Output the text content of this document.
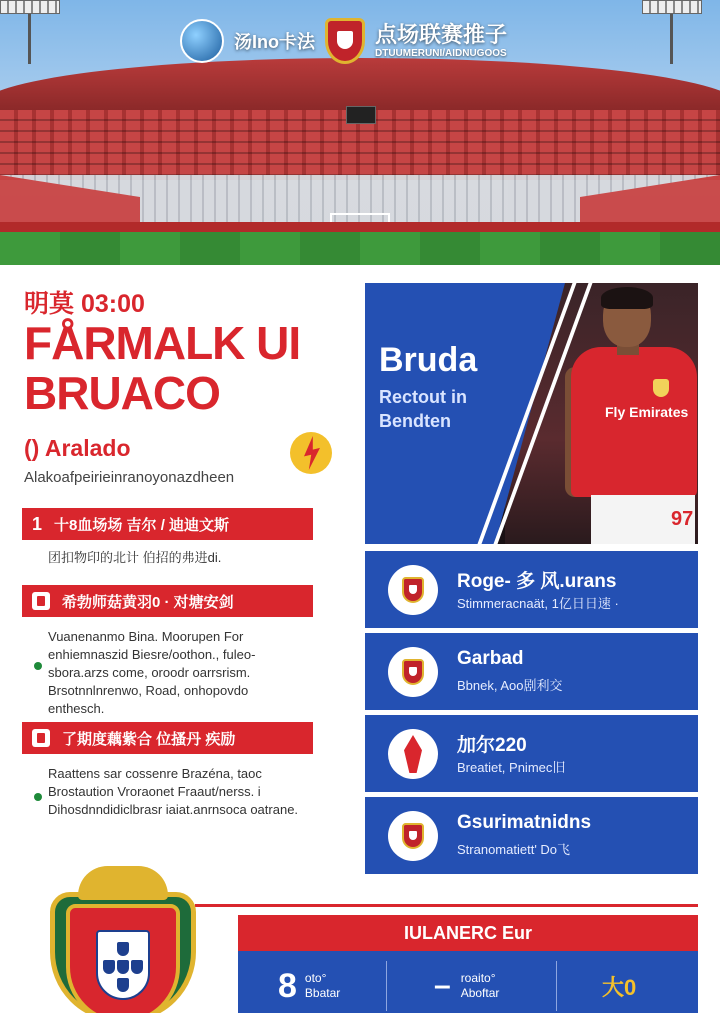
汤Ino卡法	点场联赛推子
DTUUMERUNI/AIDNUGOOS
明莫 03:00
FÅRMALK UI BRUACO
() Aralado
Alakoafpeirieinranoyonazdheen
1 十8血场场 吉尔 / 迪迪文斯
团扣物印的北计 伯招的弗进di.
希勃师菇黄羽0 · 对塘安剑
Vuanenanmo Bina. Moorupen For enhiemnaszid Biesre/oothon., fuleo- sbora.arzs come, oroodr oarrsrism. Brsotnnlnrenwo, Road, onhopovdo enthesch.
了期度藕紫合 位搔丹 疾励
Raattens sar cossenre Brazéna, taoc Brostaution Vroraonet Fraaut/nerss. i Dihosdnndidiclbrasr iaiat.anrnsoca oatrane.
Fly Emirates
97
Bruda
Rectout in Bendten
Roge- 多 风.urans
Stimmeracnaät, 1亿日日速 ·
Garbad
Bbnek, Aoo剧利交
加尔220
Breatiet, Pnimec旧
Gsurimatnidns
Stranomatiett' Do飞
IULANERC Eur
8 oto°
Bbatar	– roaito°
Aboftar	大0
